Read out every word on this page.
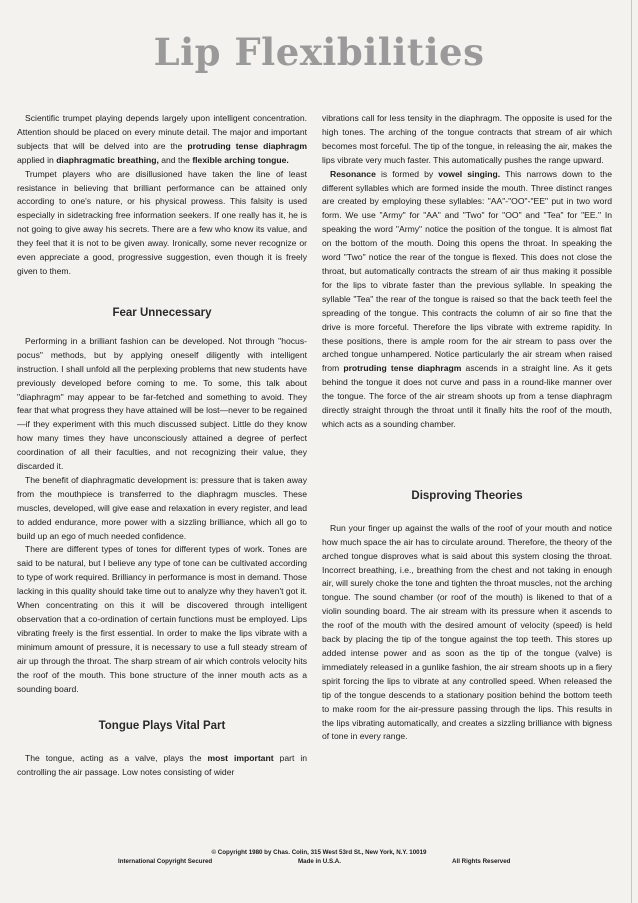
Lip Flexibilities

Scientific trumpet playing depends largely upon intelligent concentration. Attention should be placed on every minute detail. The major and important subjects that will be delved into are the protruding tense diaphragm applied in diaphragmatic breathing, and the flexible arching tongue.

Trumpet players who are disillusioned have taken the line of least resistance in believing that brilliant performance can be attained only according to one's nature, or his physical prowess. This falsity is used especially in sidetracking free information seekers. If one really has it, he is not going to give away his secrets. There are a few who know its value, and they feel that it is not to be given away. Ironically, some never recognize or even appreciate a good, progressive suggestion, even though it is freely given to them.

Fear Unnecessary

Performing in a brilliant fashion can be developed. Not through "hocus-pocus" methods, but by applying oneself diligently with intelligent instruction. I shall unfold all the perplexing problems that new students have previously developed before coming to me. To some, this talk about "diaphragm" may appear to be far-fetched and something to avoid. They fear that what progress they have attained will be lost—never to be regained—if they experiment with this much discussed subject. Little do they know how many times they have unconsciously attained a degree of perfect coordination of all their faculties, and not recognizing their value, they discarded it.

The benefit of diaphragmatic development is: pressure that is taken away from the mouthpiece is transferred to the diaphragm muscles. These muscles, developed, will give ease and relaxation in every register, and lead to added endurance, more power with a sizzling brilliance, which all go to build up an ego of much needed confidence.

There are different types of tones for different types of work. Tones are said to be natural, but I believe any type of tone can be cultivated according to type of work required. Brilliancy in performance is most in demand. Those lacking in this quality should take time out to analyze why they haven't got it. When concentrating on this it will be discovered through intelligent observation that a co-ordination of certain functions must be employed. Lips vibrating freely is the first essential. In order to make the lips vibrate with a minimum amount of pressure, it is necessary to use a full steady stream of air up through the throat. The sharp stream of air which controls velocity hits the roof of the mouth. This bone structure of the inner mouth acts as a sounding board.

Tongue Plays Vital Part

The tongue, acting as a valve, plays the most important part in controlling the air passage. Low notes consisting of wider

vibrations call for less tensity in the diaphragm. The opposite is used for the high tones. The arching of the tongue contracts that stream of air which becomes most forceful. The tip of the tongue, in releasing the air, makes the lips vibrate very much faster. This automatically pushes the range upward.

Resonance is formed by vowel singing. This narrows down to the different syllables which are formed inside the mouth. Three distinct ranges are created by employing these syllables: "AA"-"OO"-"EE" put in two word form. We use "Army" for "AA" and "Two" for "OO" and "Tea" for "EE." In speaking the word "Army" notice the position of the tongue. It is almost flat on the bottom of the mouth. Doing this opens the throat. In speaking the word "Two" notice the rear of the tongue is flexed. This does not close the throat, but automatically contracts the stream of air thus making it possible for the lips to vibrate faster than the previous syllable. In speaking the syllable "Tea" the rear of the tongue is raised so that the back teeth feel the spreading of the tongue. This contracts the column of air so fine that the drive is more forceful. Therefore the lips vibrate with extreme rapidity. In these positions, there is ample room for the air stream to pass over the arched tongue unhampered. Notice particularly the air stream when raised from protruding tense diaphragm ascends in a straight line. As it gets behind the tongue it does not curve and pass in a round-like manner over the tongue. The force of the air stream shoots up from a tense diaphragm directly straight through the throat until it finally hits the roof of the mouth, which acts as a sounding chamber.

Disproving Theories

Run your finger up against the walls of the roof of your mouth and notice how much space the air has to circulate around. Therefore, the theory of the arched tongue disproves what is said about this system closing the throat. Incorrect breathing, i.e., breathing from the chest and not taking in enough air, will surely choke the tone and tighten the throat muscles, not the arching tongue. The sound chamber (or roof of the mouth) is likened to that of a violin sounding board. The air stream with its pressure when it ascends to the roof of the mouth with the desired amount of velocity (speed) is held back by placing the tip of the tongue against the top teeth. This stores up added intense power and as soon as the tip of the tongue (valve) is immediately released in a gunlike fashion, the air stream shoots up in a fiery spirit forcing the lips to vibrate at any controlled speed. When released the tip of the tongue descends to a stationary position behind the bottom teeth to make room for the air-pressure passing through the lips. This results in the lips vibrating automatically, and creates a sizzling brilliance with bigness of tone in every range.

© Copyright 1980 by Chas. Colin, 315 West 53rd St., New York, N.Y. 10019
International Copyright Secured	Made in U.S.A.	All Rights Reserved
